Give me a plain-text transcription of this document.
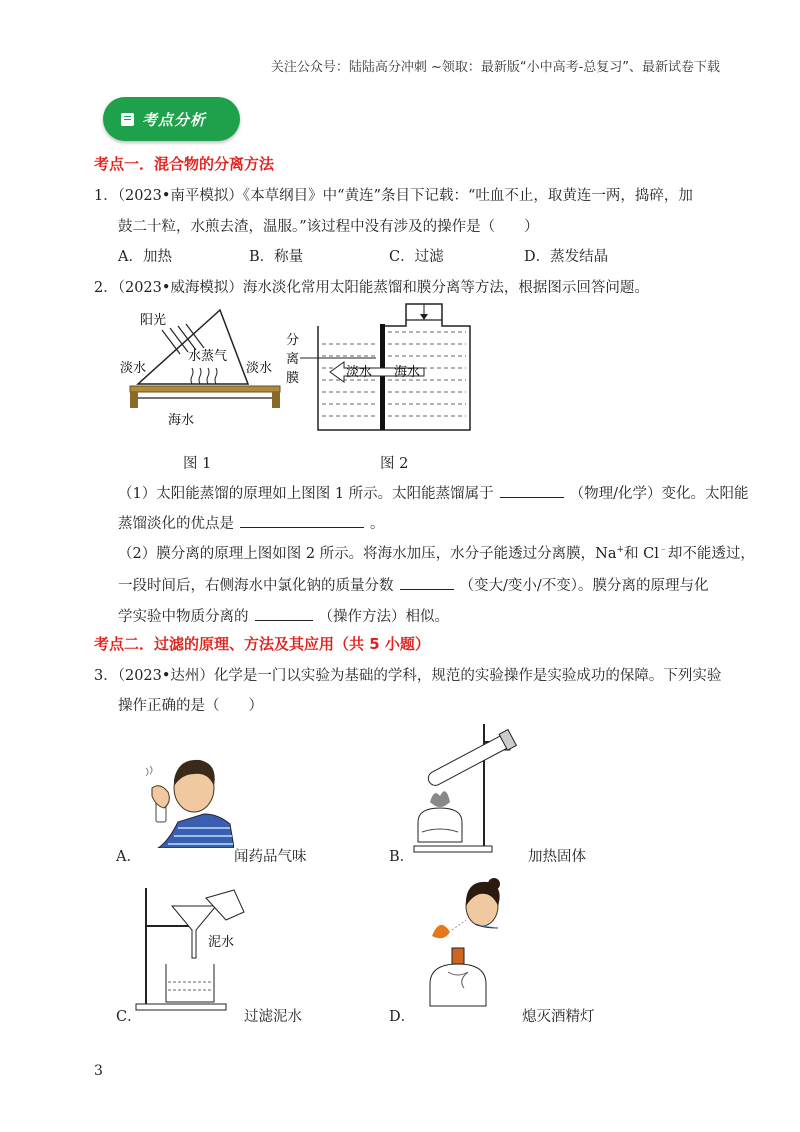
关注公众号：陆陆高分冲刺 ~领取：最新版“小中高考-总复习”、最新试卷下载
考点分析
考点一．混合物的分离方法
1．（2023•南平模拟）《本草纲目》中“黄连”条目下记载：“吐血不止，取黄连一两，捣碎，加
鼓二十粒，水煎去渣，温服。”该过程中没有涉及的操作是（　　）
A．加热	B．称量	C．过滤	D．蒸发结晶
2．（2023•威海模拟）海水淡化常用太阳能蒸馏和膜分离等方法，根据图示回答问题。
阳光
水蒸气
淡水	淡水
海水
图 1
分
离
膜	淡水 海水
图 2
（1）太阳能蒸馏的原理如上图图 1 所示。太阳能蒸馏属于	（物理/化学）变化。太阳能
蒸馏淡化的优点是	。
（2）膜分离的原理上图如图 2 所示。将海水加压，水分子能透过分离膜，Na+和 Cl﹣却不能透过，
一段时间后，右侧海水中氯化钠的质量分数	（变大/变小/不变）。膜分离的原理与化
学实验中物质分离的	（操作方法）相似。
考点二．过滤的原理、方法及其应用（共 5 小题）
3．（2023•达州）化学是一门以实验为基础的学科，规范的实验操作是实验成功的保障。下列实验
操作正确的是（　　）
A．	闻药品气味	B．	加热固体
泥水
C．	过滤泥水	D．	熄灭酒精灯
3
